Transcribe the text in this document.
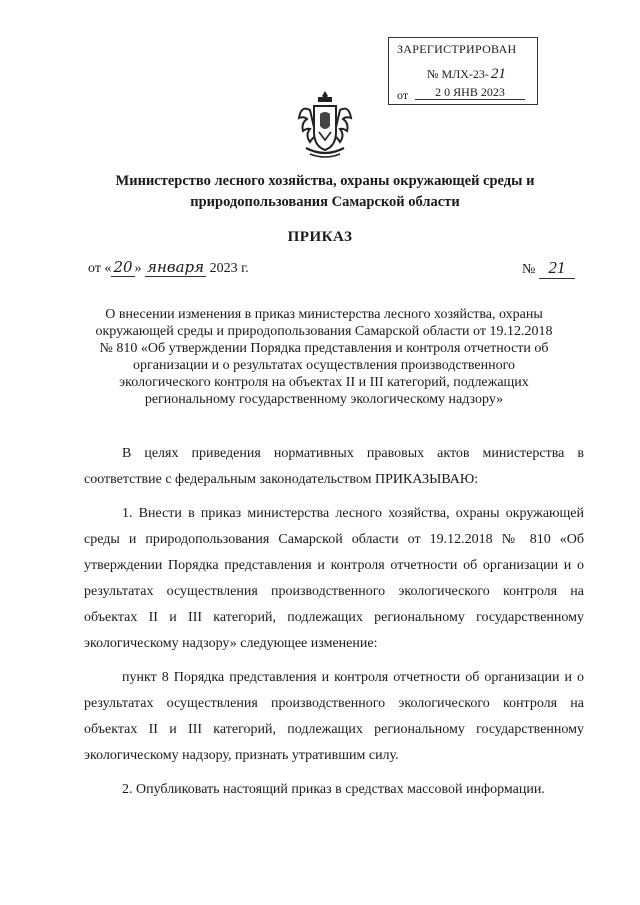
ЗАРЕГИСТРИРОВАН
№ МЛХ-23- 21
от	2 0 ЯНВ 2023
Министерство лесного хозяйства, охраны окружающей среды и
природопользования Самарской области
ПРИКАЗ
от « 20 » января 2023 г.	№ 21
О внесении изменения в приказ министерства лесного хозяйства, охраны
окружающей среды и природопользования Самарской области от 19.12.2018
№ 810 «Об утверждении Порядка представления и контроля отчетности об
организации и о результатах осуществления производственного
экологического контроля на объектах II и III категорий, подлежащих
региональному государственному экологическому надзору»

В целях приведения нормативных правовых актов министерства в соответствие с федеральным законодательством ПРИКАЗЫВАЮ:

1. Внести в приказ министерства лесного хозяйства, охраны окружающей среды и природопользования Самарской области от 19.12.2018 № 810 «Об утверждении Порядка представления и контроля отчетности об организации и о результатах осуществления производственного экологического контроля на объектах II и III категорий, подлежащих региональному государственному экологическому надзору» следующее изменение:

пункт 8 Порядка представления и контроля отчетности об организации и о результатах осуществления производственного экологического контроля на объектах II и III категорий, подлежащих региональному государственному экологическому надзору, признать утратившим силу.

2. Опубликовать настоящий приказ в средствах массовой информации.
